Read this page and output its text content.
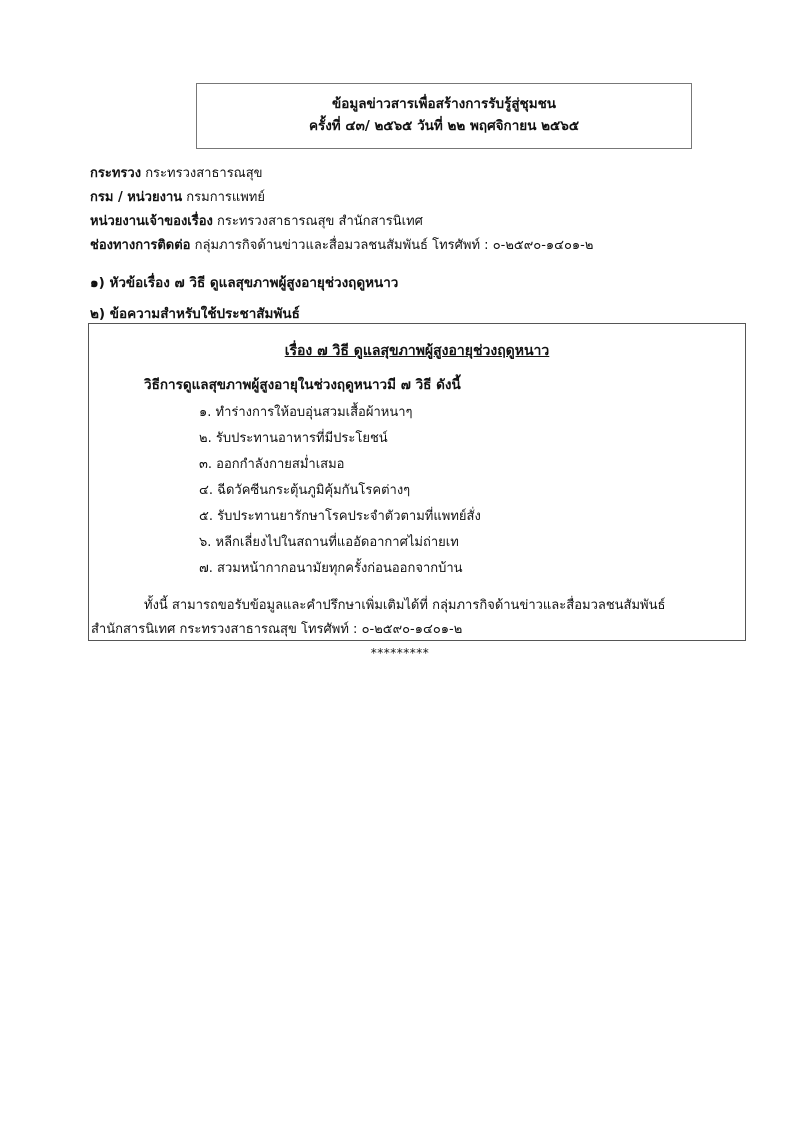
ข้อมูลข่าวสารเพื่อสร้างการรับรู้สู่ชุมชน
ครั้งที่ ๔๓/ ๒๕๖๕ วันที่ ๒๒ พฤศจิกายน ๒๕๖๕
กระทรวง กระทรวงสาธารณสุข
กรม / หน่วยงาน กรมการแพทย์
หน่วยงานเจ้าของเรื่อง กระทรวงสาธารณสุข สำนักสารนิเทศ
ช่องทางการติดต่อ กลุ่มภารกิจด้านข่าวและสื่อมวลชนสัมพันธ์ โทรศัพท์ : ๐-๒๕๙๐-๑๔๐๑-๒
๑) หัวข้อเรื่อง ๗ วิธี ดูแลสุขภาพผู้สูงอายุช่วงฤดูหนาว
๒) ข้อความสำหรับใช้ประชาสัมพันธ์
เรื่อง ๗ วิธี ดูแลสุขภาพผู้สูงอายุช่วงฤดูหนาว
วิธีการดูแลสุขภาพผู้สูงอายุในช่วงฤดูหนาวมี ๗ วิธี ดังนี้
๑. ทำร่างการให้อบอุ่นสวมเสื้อผ้าหนาๆ
๒. รับประทานอาหารที่มีประโยชน์
๓. ออกกำลังกายสม่ำเสมอ
๔. ฉีดวัคซีนกระตุ้นภูมิคุ้มกันโรคต่างๆ
๕. รับประทานยารักษาโรคประจำตัวตามที่แพทย์สั่ง
๖. หลีกเลี่ยงไปในสถานที่แออัดอากาศไม่ถ่ายเท
๗. สวมหน้ากากอนามัยทุกครั้งก่อนออกจากบ้าน
ทั้งนี้ สามารถขอรับข้อมูลและคำปรึกษาเพิ่มเติมได้ที่ กลุ่มภารกิจด้านข่าวและสื่อมวลชนสัมพันธ์
สำนักสารนิเทศ กระทรวงสาธารณสุข โทรศัพท์ : ๐-๒๕๙๐-๑๔๐๑-๒
*********
